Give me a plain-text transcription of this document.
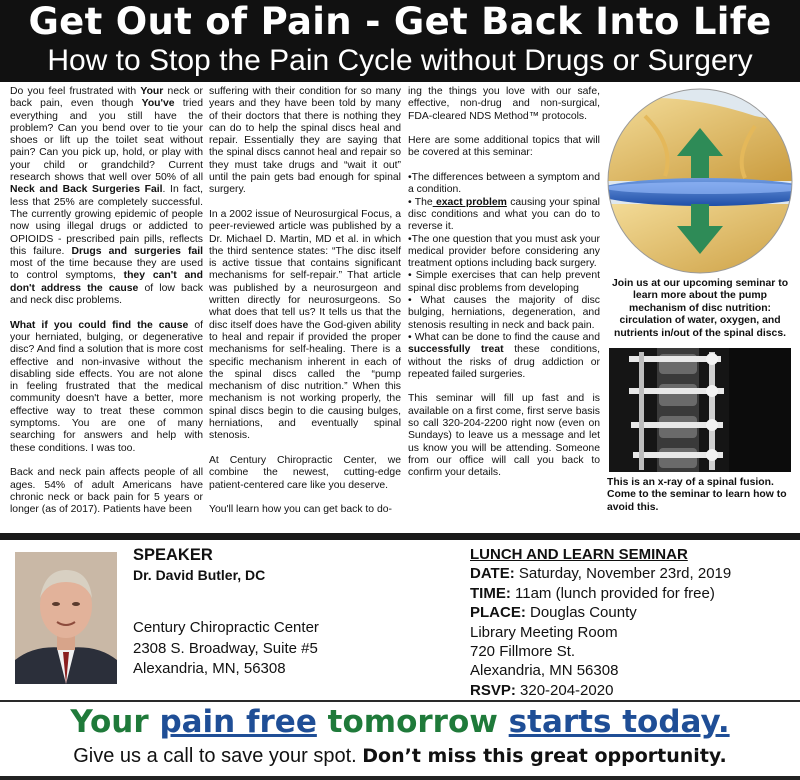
Get Out of Pain - Get Back Into Life
How to Stop the Pain Cycle without Drugs or Surgery

Do you feel frustrated with Your neck or back pain, even though You've tried everything and you still have the problem? Can you bend over to tie your shoes or lift up the toilet seat without pain? Can you pick up, hold, or play with your child or grandchild? Current research shows that well over 50% of all Neck and Back Surgeries Fail. In fact, less that 25% are completely successful. The currently growing epidemic of people now using illegal drugs or addicted to OPIOIDS - prescribed pain pills, reflects this failure. Drugs and surgeries fail most of the time because they are used to control symptoms, they can't and don't address the cause of low back and neck disc problems.

What if you could find the cause of your herniated, bulging, or degenerative disc? And find a solution that is more cost effective and non-invasive without the disabling side effects. You are not alone in feeling frustrated that the medical community doesn't have a better, more effective way to treat these common symptoms. You are one of many searching for answers and help with these conditions. I was too.

Back and neck pain affects people of all ages. 54% of adult Americans have chronic neck or back pain for 5 years or longer (as of 2017). Patients have been

suffering with their condition for so many years and they have been told by many of their doctors that there is nothing they can do to help the spinal discs heal and repair. Essentially they are saying that the spinal discs cannot heal and repair so they must take drugs and “wait it out” until the pain gets bad enough for spinal surgery.

In a 2002 issue of Neurosurgical Focus, a peer-reviewed article was published by a Dr. Michael D. Martin, MD et al. in which the third sentence states: “The disc itself is active tissue that contains significant mechanisms for self-repair.” That article was published by a neurosurgeon and written directly for neurosurgeons. So what does that tell us? It tells us that the disc itself does have the God-given ability to heal and repair if provided the proper mechanisms for self-healing. There is a specific mechanism inherent in each of the spinal discs called the “pump mechanism of disc nutrition.” When this mechanism is not working properly, the spinal discs begin to die causing bulges, herniations, and eventually spinal stenosis.

At Century Chiropractic Center, we combine the newest, cutting-edge patient-centered care like you deserve.

You'll learn how you can get back to do-

ing the things you love with our safe, effective, non-drug and non-surgical, FDA-cleared NDS Method™ protocols.

Here are some additional topics that will be covered at this seminar:

•The differences between a symptom and a condition.
• The exact problem causing your spinal disc conditions and what you can do to reverse it.
•The one question that you must ask your medical provider before considering any treatment options including back surgery.
• Simple exercises that can help prevent spinal disc problems from developing
• What causes the majority of disc bulging, herniations, degeneration, and stenosis resulting in neck and back pain.

• What can be done to find the cause and successfully treat these conditions, without the risks of drug addiction or repeated failed surgeries.

This seminar will fill up fast and is available on a first come, first serve basis so call 320-204-2200 right now (even on Sundays) to leave us a message and let us know you will be attending. Someone from our office will call you back to confirm your details.

Join us at our upcoming seminar to learn more about the pump mechanism of disc nutrition: circulation of water, oxygen, and nutrients in/out of the spinal discs.
This is an x-ray of a spinal fusion. Come to the seminar to learn how to avoid this.
SPEAKER
Dr. David Butler, DC
Century Chiropractic Center
2308 S. Broadway, Suite #5
Alexandria, MN, 56308
LUNCH AND LEARN SEMINAR
DATE: Saturday, November 23rd, 2019
TIME: 11am (lunch provided for free)
PLACE: Douglas County
Library Meeting Room
720 Fillmore St.
Alexandria, MN 56308
RSVP: 320-204-2020
Your pain free tomorrow starts today.
Give us a call to save your spot. Don’t miss this great opportunity.
